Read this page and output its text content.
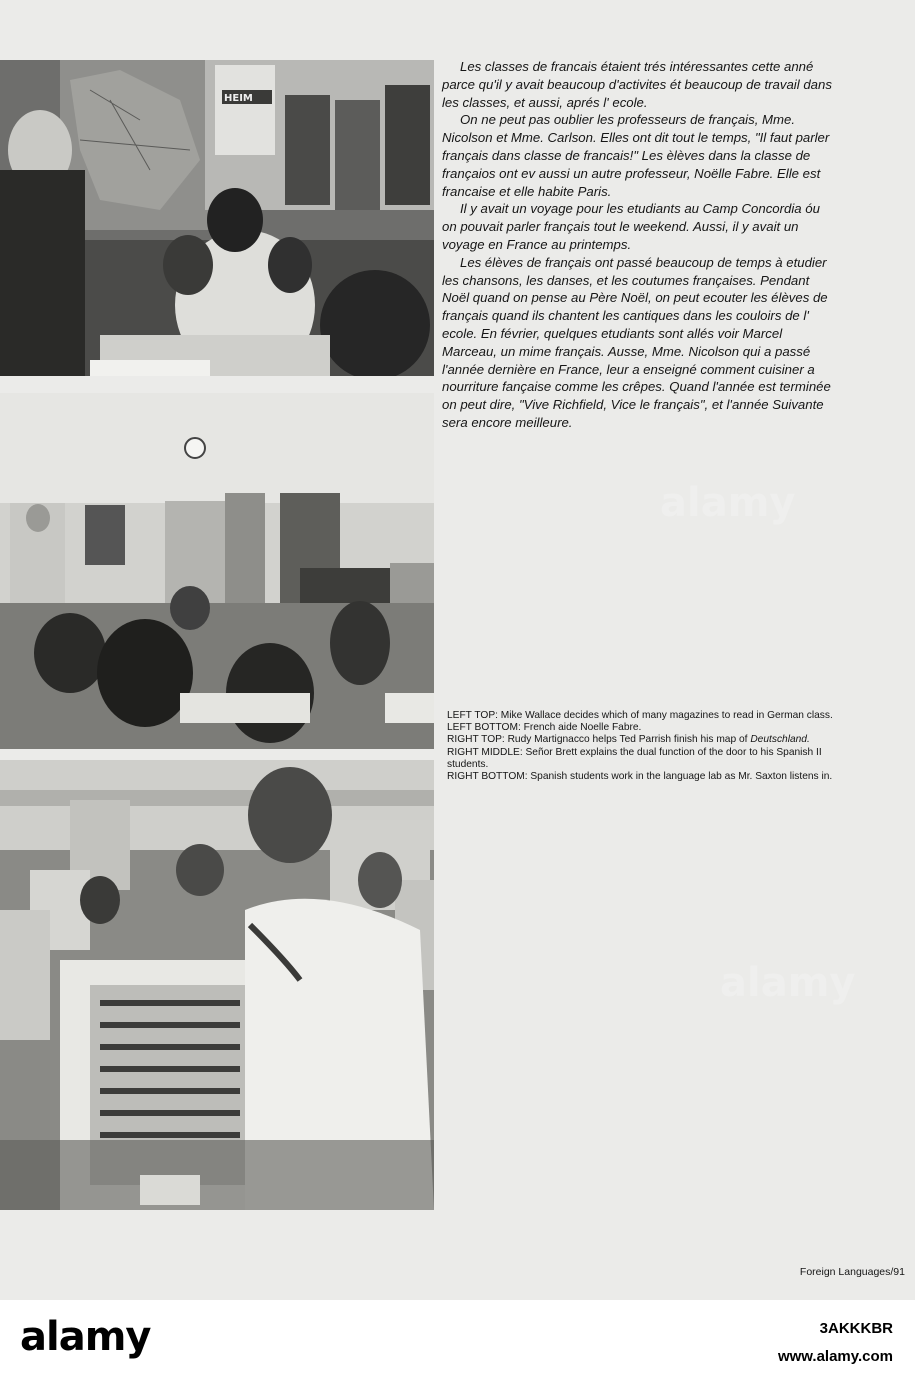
HEIM

Les classes de francais étaient trés intéressantes cette anné parce qu'il y avait beaucoup d'activites ét beaucoup de travail dans les classes, et aussi, aprés l' ecole.

On ne peut pas oublier les professeurs de français, Mme. Nicolson et Mme. Carlson. Elles ont dit tout le temps, "Il faut parler français dans classe de francais!" Les èlèves dans la classe de françaios ont ev aussi un autre professeur, Noëlle Fabre. Elle est francaise et elle habite Paris.

Il y avait un voyage pour les etudiants au Camp Concordia óu on pouvait parler français tout le weekend. Aussi, il y avait un voyage en France au printemps.

Les élèves de français ont passé beaucoup de temps à etudier les chansons, les danses, et les coutumes françaises. Pendant Noël quand on pense au Père Noël, on peut ecouter les élèves de français quand ils chantent les cantiques dans les couloirs de l' ecole. En février, quelques etudiants sont allés voir Marcel Marceau, un mime français. Ausse, Mme. Nicolson qui a passé l'année dernière en France, leur a enseigné comment cuisiner a nourriture fançaise comme les crêpes. Quand l'année est terminée on peut dire, "Vive Richfield, Vice le français", et l'année Suivante sera encore meilleure.

LEFT TOP: Mike Wallace decides which of many magazines to read in German class.
LEFT BOTTOM: French aide Noelle Fabre.
RIGHT TOP: Rudy Martignacco helps Ted Parrish finish his map of Deutschland.
RIGHT MIDDLE: Señor Brett explains the dual function of the door to his Spanish II students.
RIGHT BOTTOM: Spanish students work in the language lab as Mr. Saxton listens in.
Foreign Languages/91
alamy
alamy
alamy	3AKKKBR
www.alamy.com
